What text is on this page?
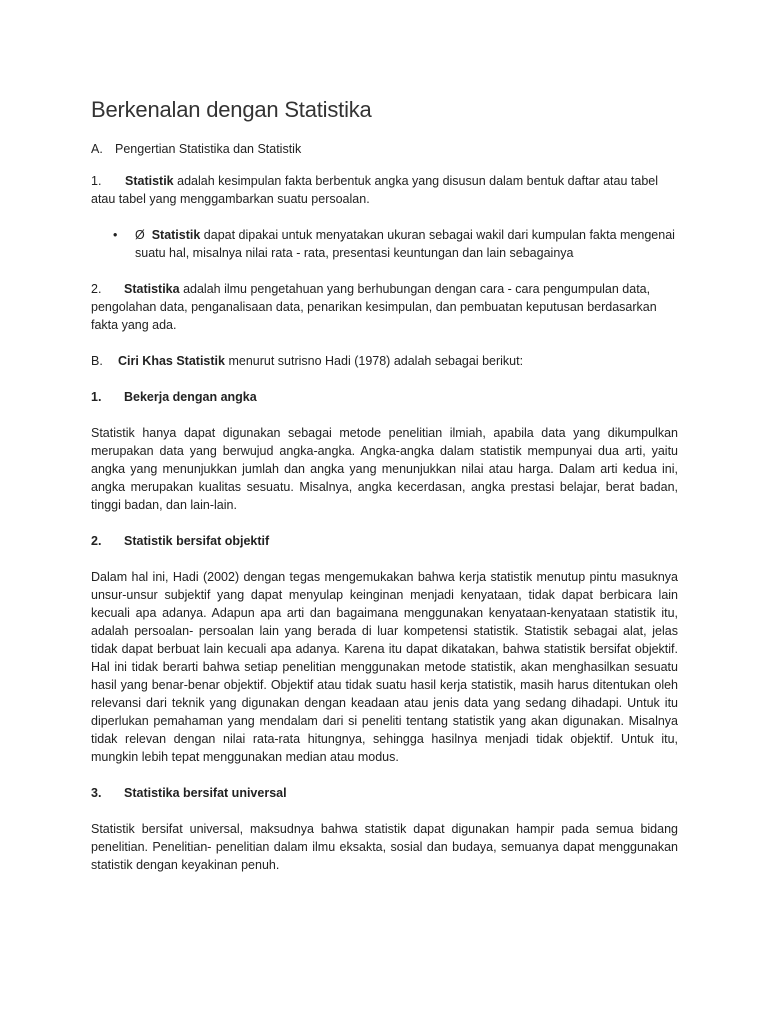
Berkenalan dengan Statistika

A. Pengertian Statistika dan Statistik

1. Statistik adalah kesimpulan fakta berbentuk angka yang disusun dalam bentuk daftar atau tabel atau tabel yang menggambarkan suatu persoalan.

•	Ø Statistik dapat dipakai untuk menyatakan ukuran sebagai wakil dari kumpulan fakta mengenai suatu hal, misalnya nilai rata - rata, presentasi keuntungan dan lain sebagainya

2. Statistika adalah ilmu pengetahuan yang berhubungan dengan cara - cara pengumpulan data, pengolahan data, penganalisaan data, penarikan kesimpulan, dan pembuatan keputusan berdasarkan fakta yang ada.

B. Ciri Khas Statistik menurut sutrisno Hadi (1978) adalah sebagai berikut:

1. Bekerja dengan angka

Statistik hanya dapat digunakan sebagai metode penelitian ilmiah, apabila data yang dikumpulkan merupakan data yang berwujud angka-angka. Angka-angka dalam statistik mempunyai dua arti, yaitu angka yang menunjukkan jumlah dan angka yang menunjukkan nilai atau harga. Dalam arti kedua ini, angka merupakan kualitas sesuatu. Misalnya, angka kecerdasan, angka prestasi belajar, berat badan, tinggi badan, dan lain-lain.

2. Statistik bersifat objektif

Dalam hal ini, Hadi (2002) dengan tegas mengemukakan bahwa kerja statistik menutup pintu masuknya unsur-unsur subjektif yang dapat menyulap keinginan menjadi kenyataan, tidak dapat berbicara lain kecuali apa adanya. Adapun apa arti dan bagaimana menggunakan kenyataan-kenyataan statistik itu, adalah persoalan- persoalan lain yang berada di luar kompetensi statistik. Statistik sebagai alat, jelas tidak dapat berbuat lain kecuali apa adanya. Karena itu dapat dikatakan, bahwa statistik bersifat objektif. Hal ini tidak berarti bahwa setiap penelitian menggunakan metode statistik, akan menghasilkan sesuatu hasil yang benar-benar objektif. Objektif atau tidak suatu hasil kerja statistik, masih harus ditentukan oleh relevansi dari teknik yang digunakan dengan keadaan atau jenis data yang sedang dihadapi. Untuk itu diperlukan pemahaman yang mendalam dari si peneliti tentang statistik yang akan digunakan. Misalnya tidak relevan dengan nilai rata-rata hitungnya, sehingga hasilnya menjadi tidak objektif. Untuk itu, mungkin lebih tepat menggunakan median atau modus.

3. Statistika bersifat universal

Statistik bersifat universal, maksudnya bahwa statistik dapat digunakan hampir pada semua bidang penelitian. Penelitian- penelitian dalam ilmu eksakta, sosial dan budaya, semuanya dapat menggunakan statistik dengan keyakinan penuh.
